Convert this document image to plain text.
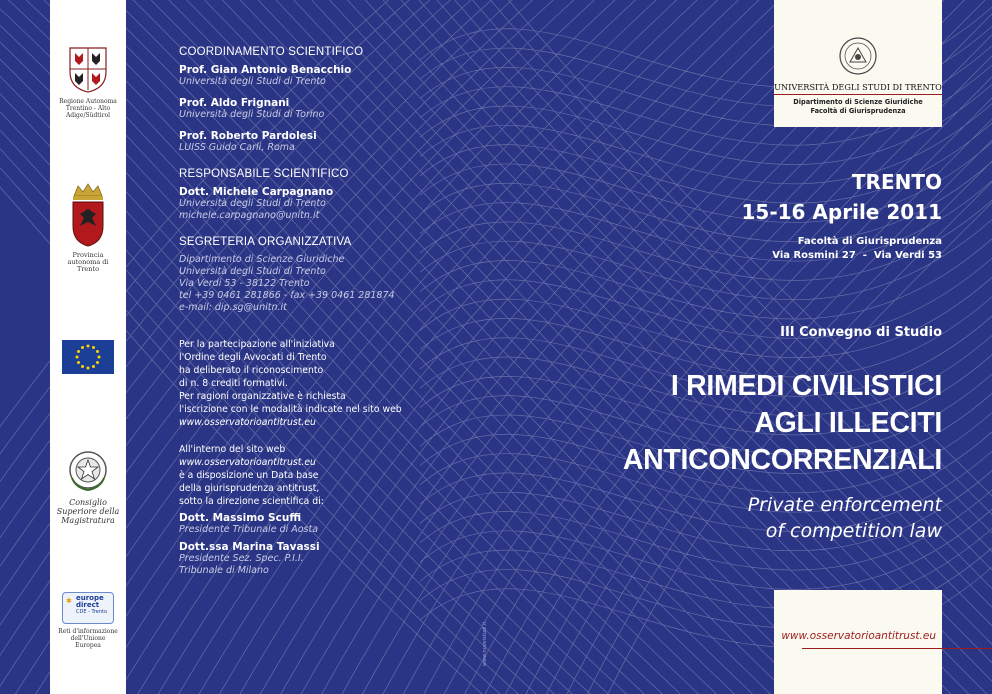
Regione Autonoma Trentino - Alto Adige/Südtirol
Provincia autonoma di Trento
Consiglio Superiore della Magistratura
✱ europe
direct
CDE - Trento
Reti d'informazione dell'Unione Europea
COORDINAMENTO SCIENTIFICO
Prof. Gian Antonio Benacchio
Università degli Studi di Trento
Prof. Aldo Frignani
Università degli Studi di Torino
Prof. Roberto Pardolesi
LUISS Guido Carli, Roma
RESPONSABILE SCIENTIFICO
Dott. Michele Carpagnano
Università degli Studi di Trento
michele.carpagnano@unitn.it
SEGRETERIA ORGANIZZATIVA
Dipartimento di Scienze Giuridiche
Università degli Studi di Trento
Via Verdi 53 - 38122 Trento
tel +39 0461 281866 - fax +39 0461 281874
e-mail: dip.sg@unitn.it
Per la partecipazione all'iniziativa
l'Ordine degli Avvocati di Trento
ha deliberato il riconoscimento
di n. 8 crediti formativi.
Per ragioni organizzative è richiesta
l'iscrizione con le modalità indicate nel sito web
www.osservatorioantitrust.eu
All'interno del sito web
www.osservatorioantitrust.eu
è a disposizione un Data base
della giurisprudenza antitrust,
sotto la direzione scientifica di:
Dott. Massimo Scuffi
Presidente Tribunale di Aosta
Dott.ssa Marina Tavassi
Presidente Sez. Spec. P.I.I.
Tribunale di Milano
www.nuovistudi.it
UNIVERSITÀ DEGLI STUDI DI TRENTO
Dipartimento di Scienze Giuridiche
Facoltà di Giurisprudenza
TRENTO
15-16 Aprile 2011
Facoltà di Giurisprudenza
Via Rosmini 27  -  Via Verdi 53
III Convegno di Studio
I RIMEDI CIVILISTICI
AGLI ILLECITI
ANTICONCORRENZIALI
Private enforcement
of competition law
www.osservatorioantitrust.eu
